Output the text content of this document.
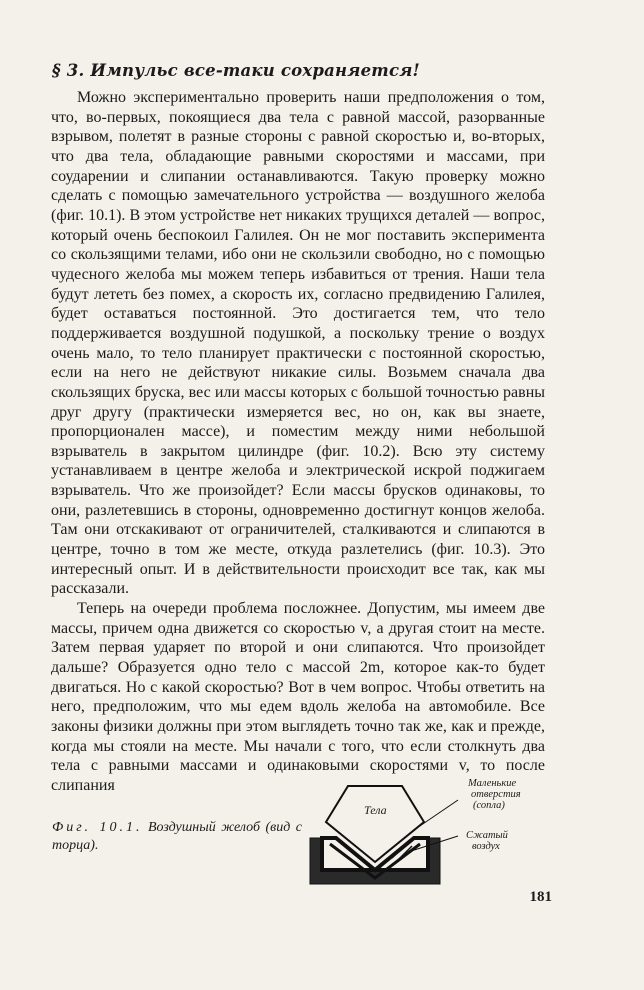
§ 3. Импульс все-таки сохраняется!

Можно экспериментально проверить наши предположения о том, что, во-первых, покоящиеся два тела с равной массой, разорванные взрывом, полетят в разные стороны с равной скоростью и, во-вторых, что два тела, обладающие равными скоростями и массами, при соударении и слипании останавливаются. Такую проверку можно сделать с помощью замечательного устройства — воздушного желоба (фиг. 10.1). В этом устройстве нет никаких трущихся деталей — вопрос, который очень беспокоил Галилея. Он не мог поставить эксперимента со скользящими телами, ибо они не скользили свободно, но с помощью чудесного желоба мы можем теперь избавиться от трения. Наши тела будут лететь без помех, а скорость их, согласно предвидению Галилея, будет оставаться постоянной. Это достигается тем, что тело поддерживается воздушной подушкой, а поскольку трение о воздух очень мало, то тело планирует практически с постоянной скоростью, если на него не действуют никакие силы. Возьмем сначала два скользящих бруска, вес или массы которых с большой точностью равны друг другу (практически измеряется вес, но он, как вы знаете, пропорционален массе), и поместим между ними небольшой взрыватель в закрытом цилиндре (фиг. 10.2). Всю эту систему устанавливаем в центре желоба и электрической искрой поджигаем взрыватель. Что же произойдет? Если массы брусков одинаковы, то они, разлетевшись в стороны, одновременно достигнут концов желоба. Там они отскакивают от ограничителей, сталкиваются и слипаются в центре, точно в том же месте, откуда разлетелись (фиг. 10.3). Это интересный опыт. И в действительности происходит все так, как мы рассказали.

Теперь на очереди проблема посложнее. Допустим, мы имеем две массы, причем одна движется со скоростью v, а другая стоит на месте. Затем первая ударяет по второй и они слипаются. Что произойдет дальше? Образуется одно тело с массой 2m, которое как-то будет двигаться. Но с какой скоростью? Вот в чем вопрос. Чтобы ответить на него, предположим, что мы едем вдоль желоба на автомобиле. Все законы физики должны при этом выглядеть точно так же, как и прежде, когда мы стояли на месте. Мы начали с того, что если столкнуть два тела с равными массами и одинаковыми скоростями v, то после слипания

Фиг. 10.1. Воздушный желоб (вид с торца).
Тела
Маленькие отверстия (сопла)
Сжатый воздух
181
